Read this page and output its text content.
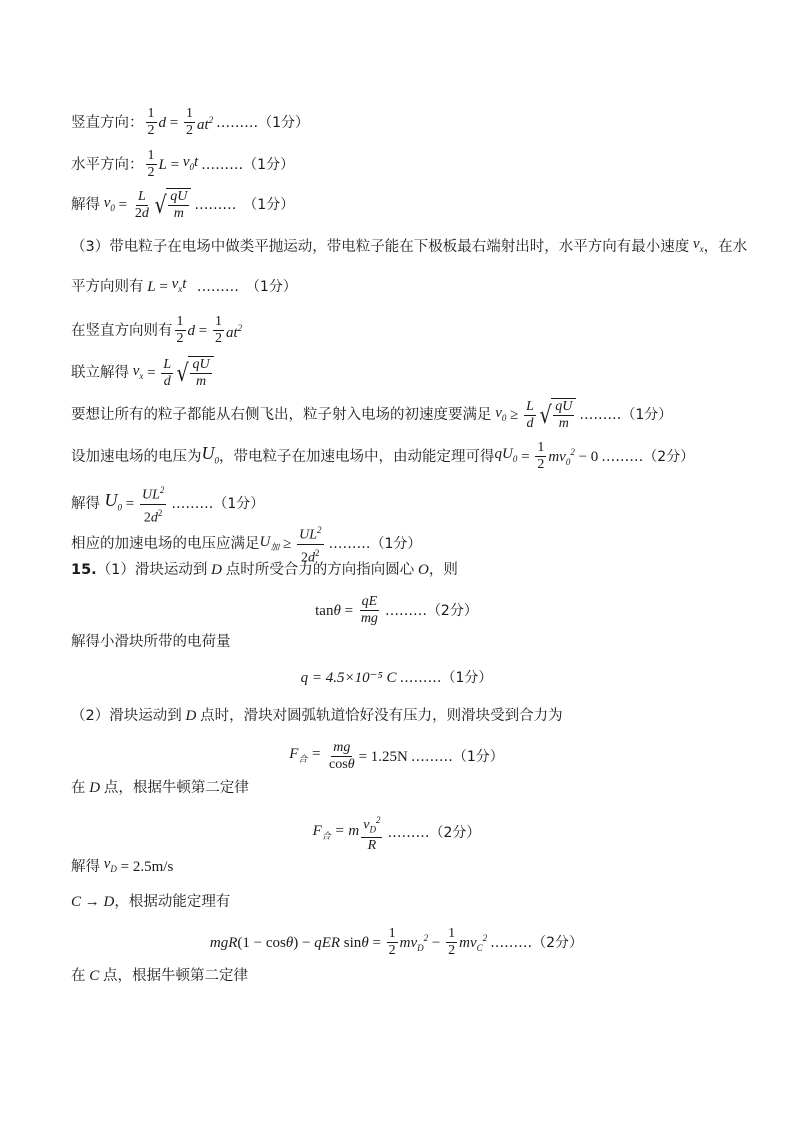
竖直方向： $\frac{1}{2}$ $d = \frac{1}{2} at^2$ ………（1分）
水平方向： $\frac{1}{2}$ $L = v_0t$ ………（1分）
解得 $v_0 = \frac{L}{2d}$ √ $\frac{qU}{m}$ ………　（1分）
（3）带电粒子在电场中做类平抛运动，带电粒子能在下极板最右端射出时，水平方向有最小速度 $v_x$ ，在水
平方向则有 $L = v_xt$ ………　（1分）
在竖直方向则有 $\frac{1}{2}$ $d = \frac{1}{2} at^2$
联立解得 $v_x = \frac{L}{d}$ √ $\frac{qU}{m}$
要想让所有的粒子都能从右侧飞出，粒子射入电场的初速度要满足 $v_0 \ge \frac{L}{d}$ √ $\frac{qU}{m}$ ………（1分）
设加速电场的电压为 $U_0$ ，带电粒子在加速电场中，由动能定理可得 $qU_0 = \frac{1}{2} mv_0^2 - 0$ ………（2分）
解得 $U_0 = \frac{UL^2}{2d^2}$ ………（1分）
相应的加速电场的电压应满足 $U_加 \ge \frac{UL^2}{2d^2}$ ………（1分）
15. （1）滑块运动到 D 点时所受合力的方向指向圆心 O ，则
$\tan\theta = \frac{qE}{mg}$ ………（2分）
解得小滑块所带的电荷量
q = 4.5×10⁻⁵ C ………（1分）
（2）滑块运动到 D 点时，滑块对圆弧轨道恰好没有压力，则滑块受到合力为
$F_合 = \frac{mg}{\cos\theta} = 1.25N$ ………（1分）
在 D 点，根据牛顿第二定律
$F_合 = m \frac{v_D^2}{R}$ ………（2分）
解得 $v_D = 2.5m/s$
C → D ，根据动能定理有
mgR (1 − cosθ) − qER $\sin\theta = \frac{1}{2} mv_D^2 - \frac{1}{2} mv_C^2$ ………（2分）
在 C 点，根据牛顿第二定律
